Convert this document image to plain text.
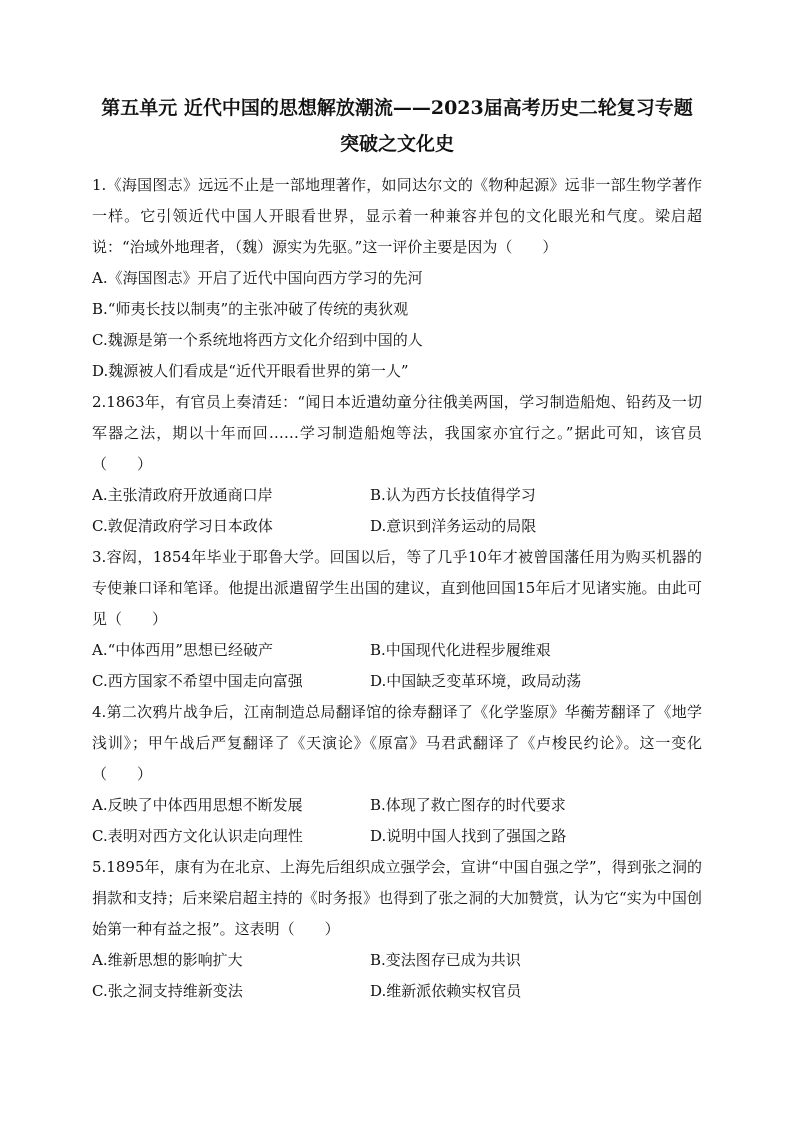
第五单元 近代中国的思想解放潮流——2023届高考历史二轮复习专题突破之文化史

1.《海国图志》远远不止是一部地理著作，如同达尔文的《物种起源》远非一部生物学著作一样。它引领近代中国人开眼看世界，显示着一种兼容并包的文化眼光和气度。梁启超说：“治域外地理者，（魏）源实为先驱。”这一评价主要是因为（　　）

A.《海国图志》开启了近代中国向西方学习的先河

B.“师夷长技以制夷”的主张冲破了传统的夷狄观

C.魏源是第一个系统地将西方文化介绍到中国的人

D.魏源被人们看成是“近代开眼看世界的第一人”

2.1863年，有官员上奏清廷：“闻日本近遣幼童分往俄美两国，学习制造船炮、铅药及一切军器之法，期以十年而回……学习制造船炮等法，我国家亦宜行之。”据此可知，该官员（　　）

A.主张清政府开放通商口岸	B.认为西方长技值得学习
C.敦促清政府学习日本政体	D.意识到洋务运动的局限

3.容闳，1854年毕业于耶鲁大学。回国以后，等了几乎10年才被曾国藩任用为购买机器的专使兼口译和笔译。他提出派遣留学生出国的建议，直到他回国15年后才见诸实施。由此可见（　　）

A.“中体西用”思想已经破产	B.中国现代化进程步履维艰
C.西方国家不希望中国走向富强	D.中国缺乏变革环境，政局动荡

4.第二次鸦片战争后，江南制造总局翻译馆的徐寿翻译了《化学鉴原》华蘅芳翻译了《地学浅训》；甲午战后严复翻译了《天演论》《原富》马君武翻译了《卢梭民约论》。这一变化（　　）

A.反映了中体西用思想不断发展	B.体现了救亡图存的时代要求
C.表明对西方文化认识走向理性	D.说明中国人找到了强国之路

5.1895年，康有为在北京、上海先后组织成立强学会，宣讲“中国自强之学”，得到张之洞的捐款和支持；后来梁启超主持的《时务报》也得到了张之洞的大加赞赏，认为它“实为中国创始第一种有益之报”。这表明（　　）

A.维新思想的影响扩大	B.变法图存已成为共识
C.张之洞支持维新变法	D.维新派依赖实权官员
